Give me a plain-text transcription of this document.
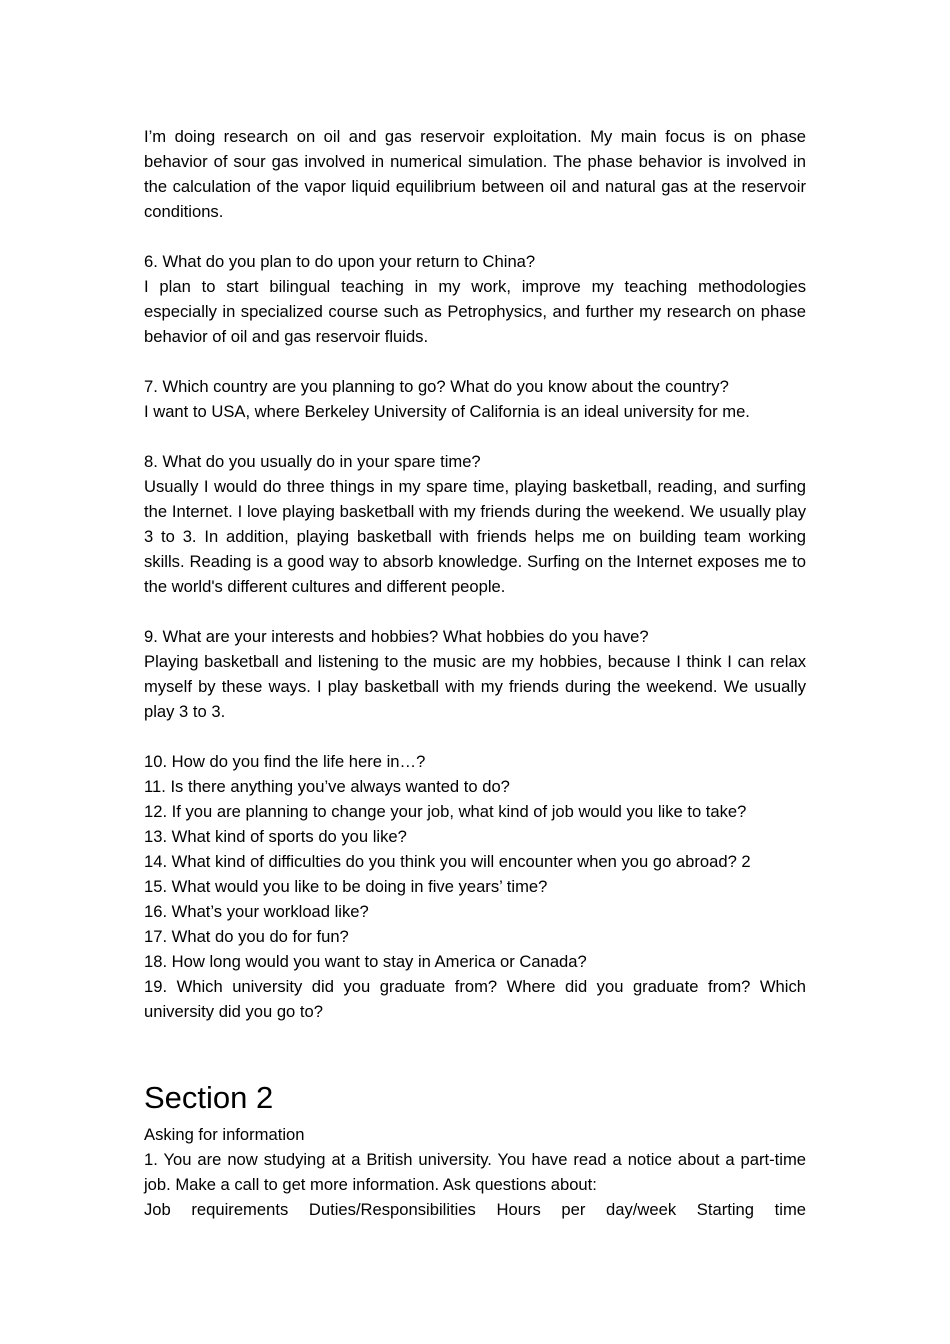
I’m doing research on oil and gas reservoir exploitation. My main focus is on phase behavior of sour gas involved in numerical simulation. The phase behavior is involved in the calculation of the vapor liquid equilibrium between oil and natural gas at the reservoir conditions.

6. What do you plan to do upon your return to China?

I plan to start bilingual teaching in my work, improve my teaching methodologies especially in specialized course such as Petrophysics, and further my research on phase behavior of oil and gas reservoir fluids.

7. Which country are you planning to go? What do you know about the country?

I want to USA, where Berkeley University of California is an ideal university for me.

8. What do you usually do in your spare time?

Usually I would do three things in my spare time, playing basketball, reading, and surfing the Internet. I love playing basketball with my friends during the weekend. We usually play 3 to 3. In addition, playing basketball with friends helps me on building team working skills. Reading is a good way to absorb knowledge. Surfing on the Internet exposes me to the world's different cultures and different people.

9. What are your interests and hobbies? What hobbies do you have?

Playing basketball and listening to the music are my hobbies, because I think I can relax myself by these ways. I play basketball with my friends during the weekend. We usually play 3 to 3.

10. How do you find the life here in…?

11. Is there anything you’ve always wanted to do?

12. If you are planning to change your job, what kind of job would you like to take?

13. What kind of sports do you like?

14. What kind of difficulties do you think you will encounter when you go abroad? 2

15. What would you like to be doing in five years’ time?

16. What’s your workload like?

17. What do you do for fun?

18. How long would you want to stay in America or Canada?

19. Which university did you graduate from? Where did you graduate from? Which university did you go to?

Section 2

Asking for information

1. You are now studying at a British university. You have read a notice about a part-time job. Make a call to get more information. Ask questions about:

Job requirements Duties/Responsibilities Hours per day/week Starting time
